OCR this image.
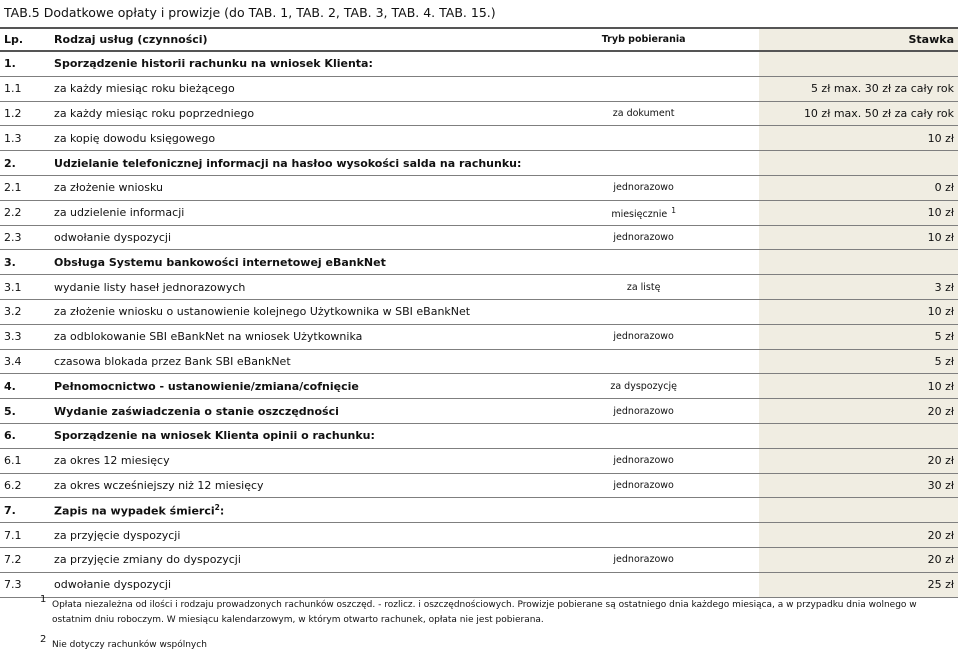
TAB.5 Dodatkowe opłaty i prowizje (do TAB. 1, TAB. 2, TAB. 3, TAB. 4. TAB. 15.)
Lp.	Rodzaj usług (czynności)	Tryb pobierania	Stawka
1.	Sporządzenie historii rachunku na wniosek Klienta:		
1.1	za każdy miesiąc roku bieżącego		5 zł max. 30 zł za cały rok
1.2	za każdy miesiąc roku poprzedniego	za dokument	10 zł max. 50 zł za cały rok
1.3	za kopię dowodu księgowego		10 zł
2.	Udzielanie telefonicznej informacji na hasłoo wysokości salda na rachunku:		
2.1	za złożenie wniosku	jednorazowo	0 zł
2.2	za udzielenie informacji	miesięcznie $^1$	10 zł
2.3	odwołanie dyspozycji	jednorazowo	10 zł
3.	Obsługa Systemu bankowości internetowej eBankNet		
3.1	wydanie listy haseł jednorazowych	za listę	3 zł
3.2	za złożenie wniosku o ustanowienie kolejnego Użytkownika w SBI eBankNet		10 zł
3.3	za odblokowanie SBI eBankNet na wniosek Użytkownika	jednorazowo	5 zł
3.4	czasowa blokada przez Bank SBI eBankNet		5 zł
4.	Pełnomocnictwo - ustanowienie/zmiana/cofnięcie	za dyspozycję	10 zł
5.	Wydanie zaświadczenia o stanie oszczędności	jednorazowo	20 zł
6.	Sporządzenie na wniosek Klienta opinii o rachunku:		
6.1	za okres 12 miesięcy	jednorazowo	20 zł
6.2	za okres wcześniejszy niż 12 miesięcy	jednorazowo	30 zł
7.	Zapis na wypadek śmierci$^2$:		
7.1	za przyjęcie dyspozycji		20 zł
7.2	za przyjęcie zmiany do dyspozycji	jednorazowo	20 zł
7.3	odwołanie dyspozycji		25 zł
1 Opłata niezależna od ilości i rodzaju prowadzonych rachunków oszczęd. - rozlicz. i oszczędnościowych. Prowizje pobierane są ostatniego dnia każdego miesiąca, a w przypadku dnia wolnego w ostatnim dniu roboczym. W miesiącu kalendarzowym, w którym otwarto rachunek, opłata nie jest pobierana.
2 Nie dotyczy rachunków wspólnych
